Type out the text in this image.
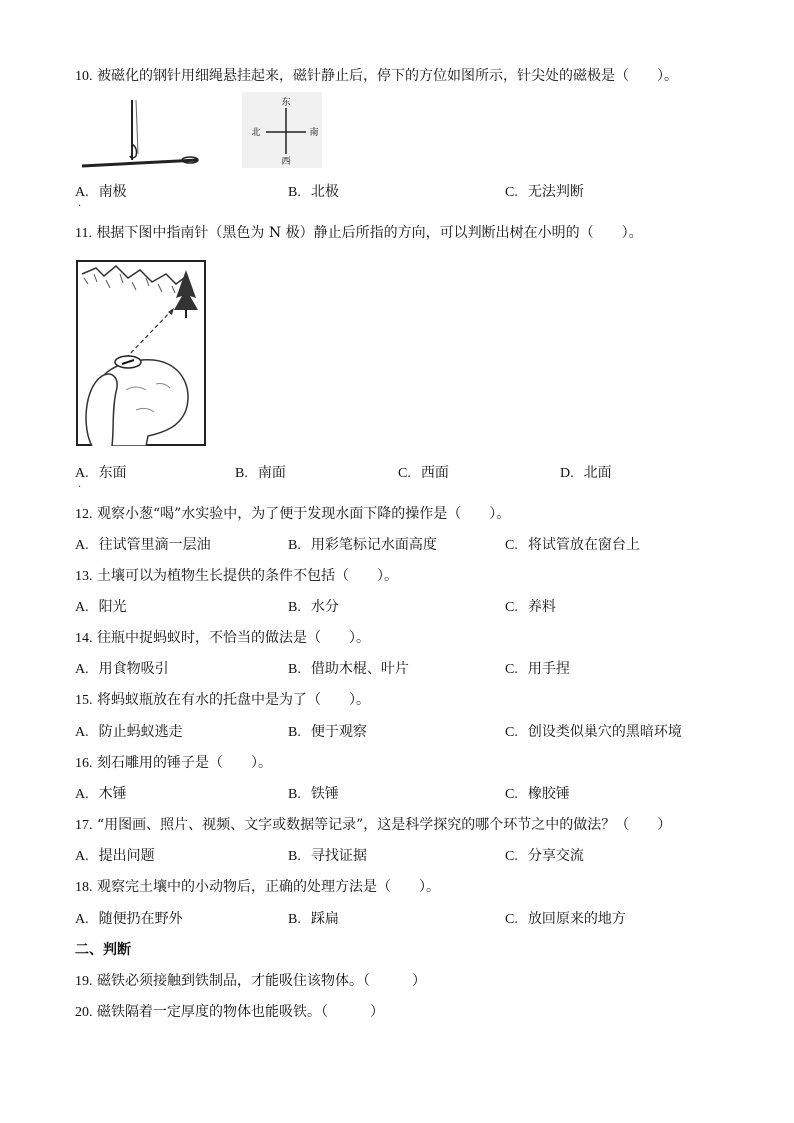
10. 被磁化的钢针用细绳悬挂起来，磁针静止后，停下的方位如图所示，针尖处的磁极是（　　）。
东
西
北	南
A. 南极
.
B. 北极	C. 无法判断
11. 根据下图中指南针（黑色为 N 极）静止后所指的方向，可以判断出树在小明的（　　）。
A. 东面
.
B. 南面	C. 西面	D. 北面
12. 观察小葱“喝”水实验中，为了便于发现水面下降的操作是（　　）。
A. 往试管里滴一层油	B. 用彩笔标记水面高度	C. 将试管放在窗台上
13. 土壤可以为植物生长提供的条件不包括（　　）。
A. 阳光	B. 水分	C. 养料
14. 往瓶中捉蚂蚁时，不恰当的做法是（　　）。
A. 用食物吸引	B. 借助木棍、叶片	C. 用手捏
15. 将蚂蚁瓶放在有水的托盘中是为了（　　）。
A. 防止蚂蚁逃走	B. 便于观察	C. 创设类似巢穴的黑暗环境
16. 刻石雕用的锤子是（　　）。
A. 木锤	B. 铁锤	C. 橡胶锤
17. “用图画、照片、视频、文字或数据等记录”，这是科学探究的哪个环节之中的做法？（　　）
A. 提出问题	B. 寻找证据	C. 分享交流
18. 观察完土壤中的小动物后，正确的处理方法是（　　）。
A. 随便扔在野外	B. 踩扁	C. 放回原来的地方
二、判断
19. 磁铁必须接触到铁制品，才能吸住该物体。（　　　）
20. 磁铁隔着一定厚度的物体也能吸铁。（　　　）
